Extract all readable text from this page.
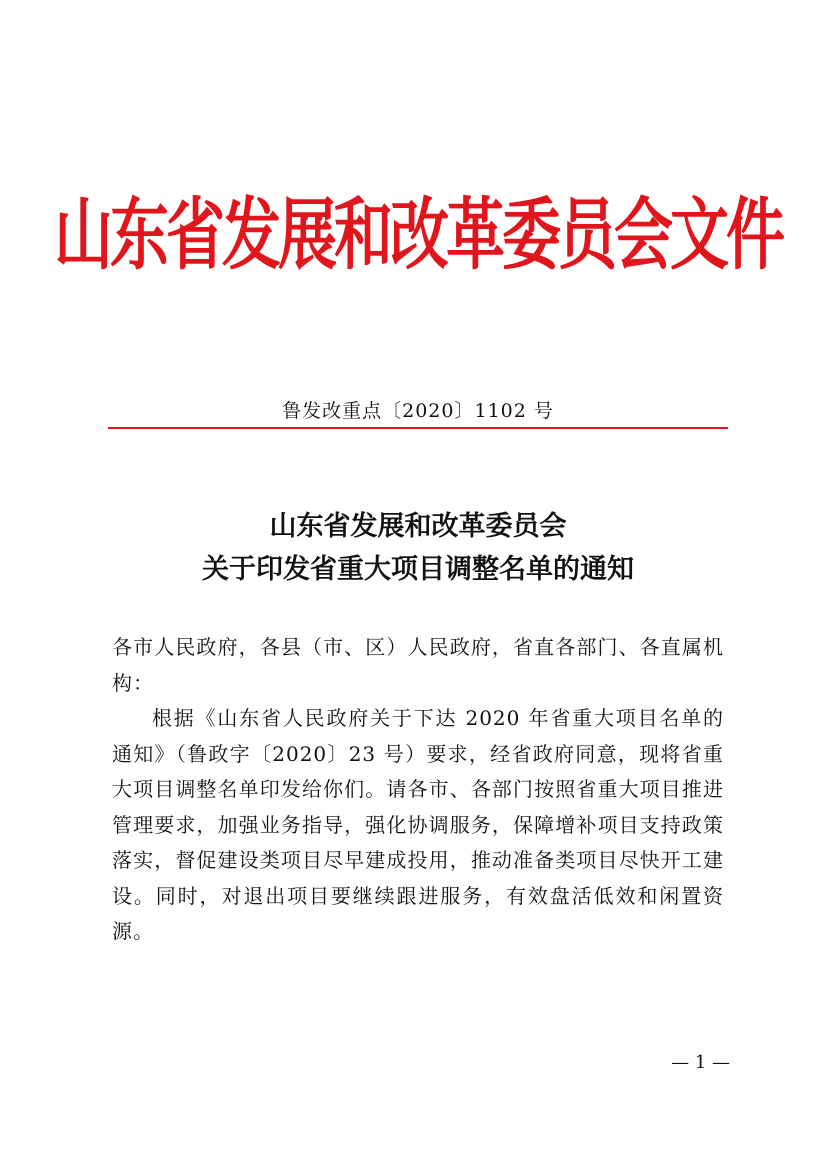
山东省发展和改革委员会文件
鲁发改重点〔2020〕1102 号
山东省发展和改革委员会
关于印发省重大项目调整名单的通知

各市人民政府，各县（市、区）人民政府，省直各部门、各直属机构：

根据《山东省人民政府关于下达 2020 年省重大项目名单的通知》（鲁政字〔2020〕23 号）要求，经省政府同意，现将省重大项目调整名单印发给你们。请各市、各部门按照省重大项目推进管理要求，加强业务指导，强化协调服务，保障增补项目支持政策落实，督促建设类项目尽早建成投用，推动准备类项目尽快开工建设。同时，对退出项目要继续跟进服务，有效盘活低效和闲置资源。

— 1 —
